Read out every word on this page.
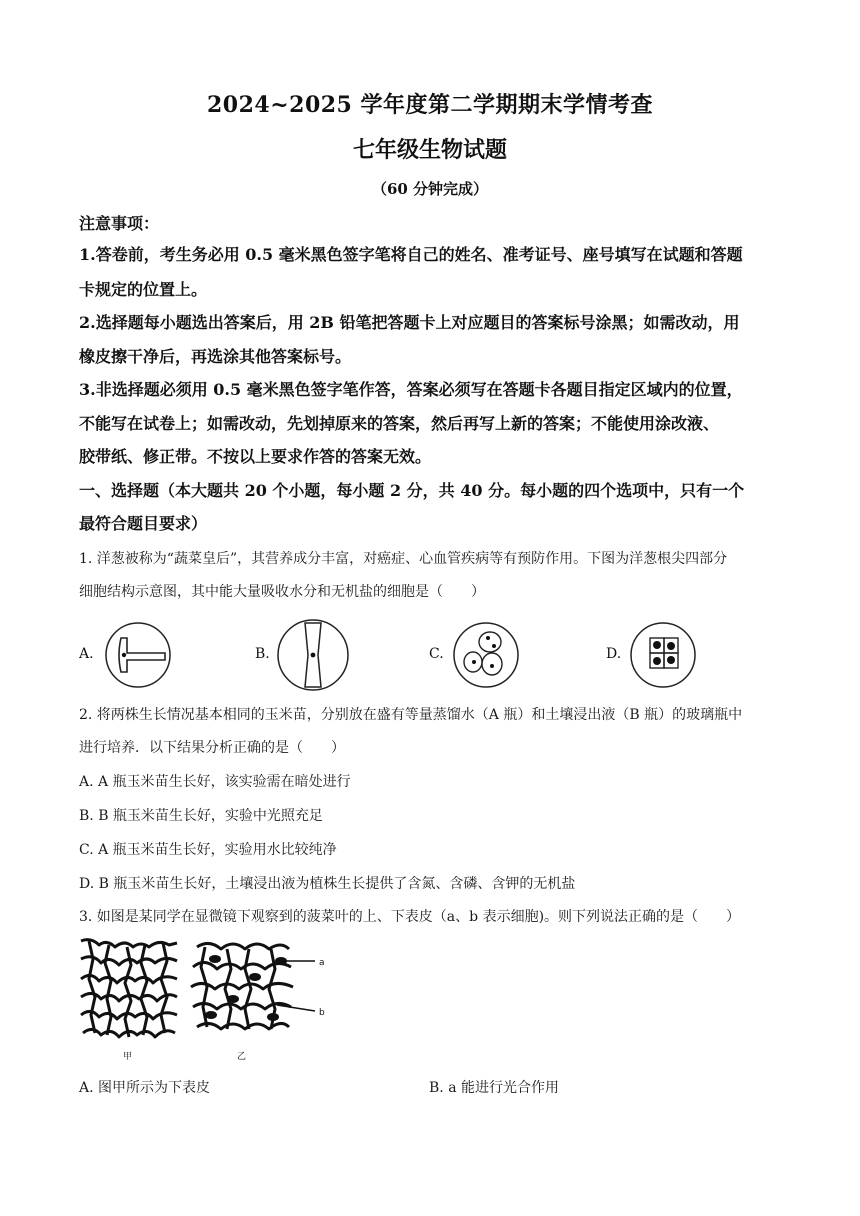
2024~2025 学年度第二学期期末学情考查
七年级生物试题
（60 分钟完成）
注意事项：
1.答卷前，考生务必用 0.5 毫米黑色签字笔将自己的姓名、准考证号、座号填写在试题和答题
卡规定的位置上。
2.选择题每小题选出答案后，用 2B 铅笔把答题卡上对应题目的答案标号涂黑；如需改动，用
橡皮擦干净后，再选涂其他答案标号。
3.非选择题必须用 0.5 毫米黑色签字笔作答，答案必须写在答题卡各题目指定区域内的位置，
不能写在试卷上；如需改动，先划掉原来的答案，然后再写上新的答案；不能使用涂改液、
胶带纸、修正带。不按以上要求作答的答案无效。
一、选择题（本大题共 20 个小题，每小题 2 分，共 40 分。每小题的四个选项中，只有一个
最符合题目要求）
1. 洋葱被称为“蔬菜皇后”，其营养成分丰富，对癌症、心血管疾病等有预防作用。下图为洋葱根尖四部分
细胞结构示意图，其中能大量吸收水分和无机盐的细胞是（　　）
A.	B.	C.	D.
2. 将两株生长情况基本相同的玉米苗，分别放在盛有等量蒸馏水（A 瓶）和土壤浸出液（B 瓶）的玻璃瓶中
进行培养．以下结果分析正确的是（　　）
A. A 瓶玉米苗生长好，该实验需在暗处进行
B. B 瓶玉米苗生长好，实验中光照充足
C. A 瓶玉米苗生长好，实验用水比较纯净
D. B 瓶玉米苗生长好，土壤浸出液为植株生长提供了含氮、含磷、含钾的无机盐
3. 如图是某同学在显微镜下观察到的菠菜叶的上、下表皮（a、b 表示细胞)。则下列说法正确的是（　　）
甲
a
b
乙
A. 图甲所示为下表皮	B. a 能进行光合作用
